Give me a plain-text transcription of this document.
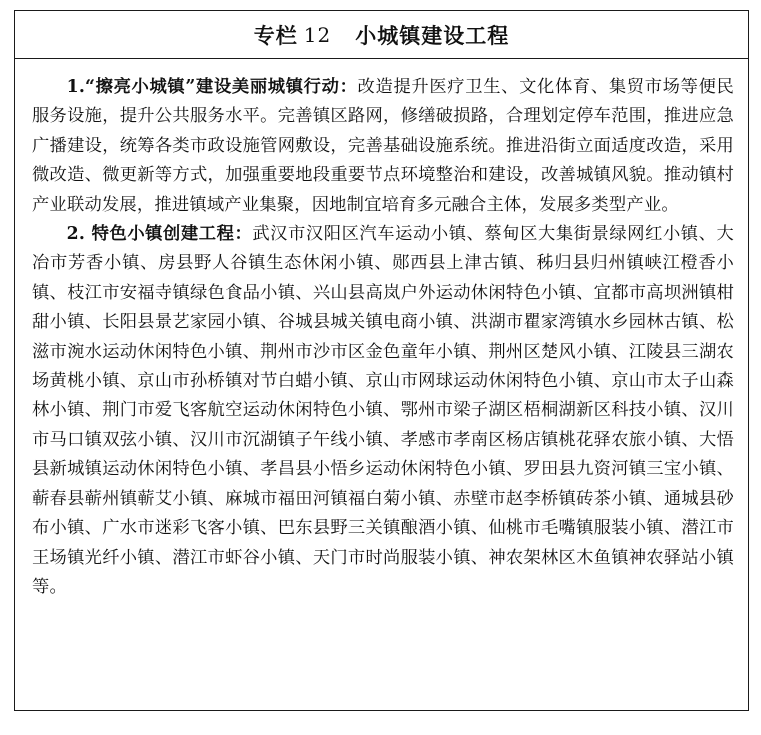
专栏 12 小城镇建设工程

1.“擦亮小城镇”建设美丽城镇行动：改造提升医疗卫生、文化体育、集贸市场等便民服务设施，提升公共服务水平。完善镇区路网，修缮破损路，合理划定停车范围，推进应急广播建设，统筹各类市政设施管网敷设，完善基础设施系统。推进沿街立面适度改造，采用微改造、微更新等方式，加强重要地段重要节点环境整治和建设，改善城镇风貌。推动镇村产业联动发展，推进镇域产业集聚，因地制宜培育多元融合主体，发展多类型产业。

2. 特色小镇创建工程：武汉市汉阳区汽车运动小镇、蔡甸区大集街景绿网红小镇、大冶市芳香小镇、房县野人谷镇生态休闲小镇、郧西县上津古镇、秭归县归州镇峡江橙香小镇、枝江市安福寺镇绿色食品小镇、兴山县高岚户外运动休闲特色小镇、宜都市高坝洲镇柑甜小镇、长阳县景艺家园小镇、谷城县城关镇电商小镇、洪湖市瞿家湾镇水乡园林古镇、松滋市涴水运动休闲特色小镇、荆州市沙市区金色童年小镇、荆州区楚风小镇、江陵县三湖农场黄桃小镇、京山市孙桥镇对节白蜡小镇、京山市网球运动休闲特色小镇、京山市太子山森林小镇、荆门市爱飞客航空运动休闲特色小镇、鄂州市梁子湖区梧桐湖新区科技小镇、汉川市马口镇双弦小镇、汉川市沉湖镇子午线小镇、孝感市孝南区杨店镇桃花驿农旅小镇、大悟县新城镇运动休闲特色小镇、孝昌县小悟乡运动休闲特色小镇、罗田县九资河镇三宝小镇、蕲春县蕲州镇蕲艾小镇、麻城市福田河镇福白菊小镇、赤壁市赵李桥镇砖茶小镇、通城县砂布小镇、广水市迷彩飞客小镇、巴东县野三关镇酿酒小镇、仙桃市毛嘴镇服装小镇、潜江市王场镇光纤小镇、潜江市虾谷小镇、天门市时尚服装小镇、神农架林区木鱼镇神农驿站小镇等。
